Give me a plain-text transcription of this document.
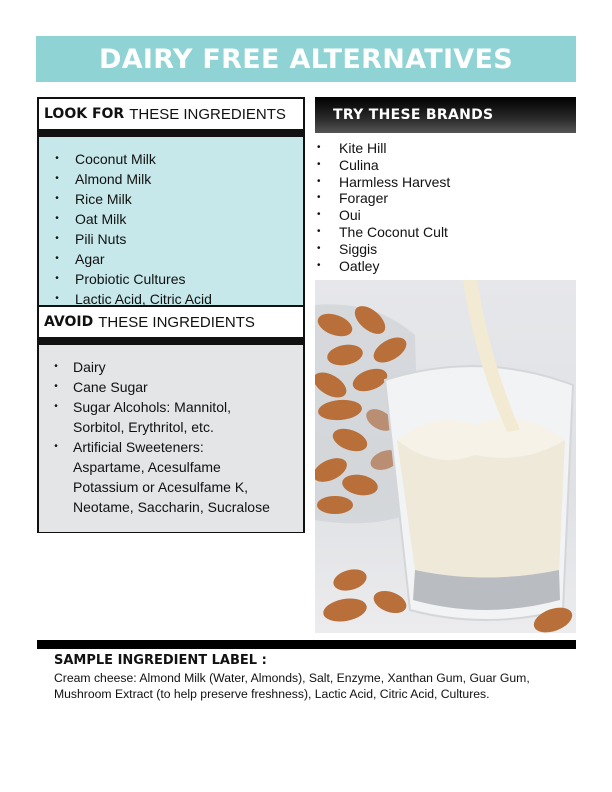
DAIRY FREE ALTERNATIVES
LOOK FOR THESE INGREDIENTS
•	Coconut Milk
•	Almond Milk
•	Rice Milk
•	Oat Milk
•	Pili Nuts
•	Agar
•	Probiotic Cultures
•	Lactic Acid, Citric Acid
AVOID THESE INGREDIENTS
•	Dairy
•	Cane Sugar
•	Sugar Alcohols: Mannitol,
Sorbitol, Erythritol, etc.
•	Artificial Sweeteners:
Aspartame, Acesulfame
Potassium or Acesulfame K,
Neotame, Saccharin, Sucralose
TRY THESE BRANDS
•	Kite Hill
•	Culina
•	Harmless Harvest
•	Forager
•	Oui
•	The Coconut Cult
•	Siggis
•	Oatley
SAMPLE INGREDIENT LABEL :
Cream cheese: Almond Milk (Water, Almonds), Salt, Enzyme, Xanthan Gum, Guar Gum, Mushroom Extract (to help preserve freshness), Lactic Acid, Citric Acid, Cultures.
